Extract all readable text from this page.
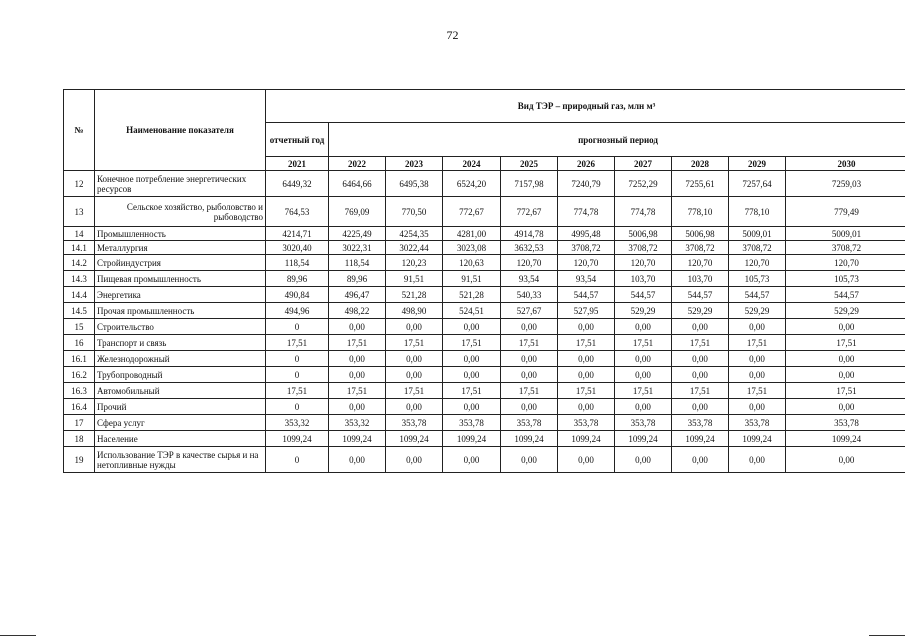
72
№	Наименование показателя	Вид ТЭР – природный газ, млн м³									
		отчетный год	прогнозный период								
		2021	2022	2023	2024	2025	2026	2027	2028	2029	2030
12	Конечное потребление энергетических ресурсов	6449,32	6464,66	6495,38	6524,20	7157,98	7240,79	7252,29	7255,61	7257,64	7259,03
13	Сельское хозяйство, рыболовство и рыбоводство	764,53	769,09	770,50	772,67	772,67	774,78	774,78	778,10	778,10	779,49
14	Промышленность	4214,71	4225,49	4254,35	4281,00	4914,78	4995,48	5006,98	5006,98	5009,01	5009,01
14.1	Металлургия	3020,40	3022,31	3022,44	3023,08	3632,53	3708,72	3708,72	3708,72	3708,72	3708,72
14.2	Стройиндустрия	118,54	118,54	120,23	120,63	120,70	120,70	120,70	120,70	120,70	120,70
14.3	Пищевая промышленность	89,96	89,96	91,51	91,51	93,54	93,54	103,70	103,70	105,73	105,73
14.4	Энергетика	490,84	496,47	521,28	521,28	540,33	544,57	544,57	544,57	544,57	544,57
14.5	Прочая промышленность	494,96	498,22	498,90	524,51	527,67	527,95	529,29	529,29	529,29	529,29
15	Строительство	0	0,00	0,00	0,00	0,00	0,00	0,00	0,00	0,00	0,00
16	Транспорт и связь	17,51	17,51	17,51	17,51	17,51	17,51	17,51	17,51	17,51	17,51
16.1	Железнодорожный	0	0,00	0,00	0,00	0,00	0,00	0,00	0,00	0,00	0,00
16.2	Трубопроводный	0	0,00	0,00	0,00	0,00	0,00	0,00	0,00	0,00	0,00
16.3	Автомобильный	17,51	17,51	17,51	17,51	17,51	17,51	17,51	17,51	17,51	17,51
16.4	Прочий	0	0,00	0,00	0,00	0,00	0,00	0,00	0,00	0,00	0,00
17	Сфера услуг	353,32	353,32	353,78	353,78	353,78	353,78	353,78	353,78	353,78	353,78
18	Население	1099,24	1099,24	1099,24	1099,24	1099,24	1099,24	1099,24	1099,24	1099,24	1099,24
19	Использование ТЭР в качестве сырья и на нетопливные нужды	0	0,00	0,00	0,00	0,00	0,00	0,00	0,00	0,00	0,00
